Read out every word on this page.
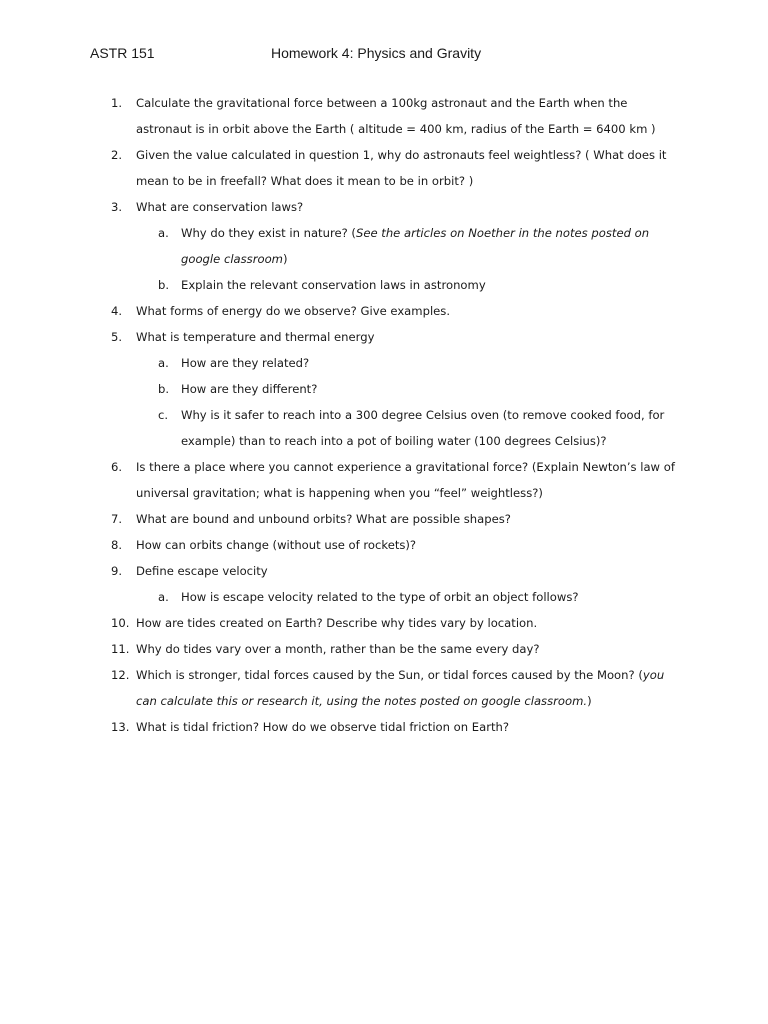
ASTR 151	Homework 4: Physics and Gravity
1. Calculate the gravitational force between a 100kg astronaut and the Earth when the astronaut is in orbit above the Earth ( altitude = 400 km, radius of the Earth = 6400 km )
2. Given the value calculated in question 1, why do astronauts feel weightless? ( What does it mean to be in freefall? What does it mean to be in orbit? )
3. What are conservation laws?
a. Why do they exist in nature? (See the articles on Noether in the notes posted on google classroom)
b. Explain the relevant conservation laws in astronomy
4. What forms of energy do we observe? Give examples.
5. What is temperature and thermal energy
a. How are they related?
b. How are they different?
c. Why is it safer to reach into a 300 degree Celsius oven (to remove cooked food, for example) than to reach into a pot of boiling water (100 degrees Celsius)?
6. Is there a place where you cannot experience a gravitational force? (Explain Newton’s law of universal gravitation; what is happening when you “feel” weightless?)
7. What are bound and unbound orbits? What are possible shapes?
8. How can orbits change (without use of rockets)?
9. Define escape velocity
a. How is escape velocity related to the type of orbit an object follows?
10. How are tides created on Earth? Describe why tides vary by location.
11. Why do tides vary over a month, rather than be the same every day?
12. Which is stronger, tidal forces caused by the Sun, or tidal forces caused by the Moon? (you can calculate this or research it, using the notes posted on google classroom.)
13. What is tidal friction? How do we observe tidal friction on Earth?
